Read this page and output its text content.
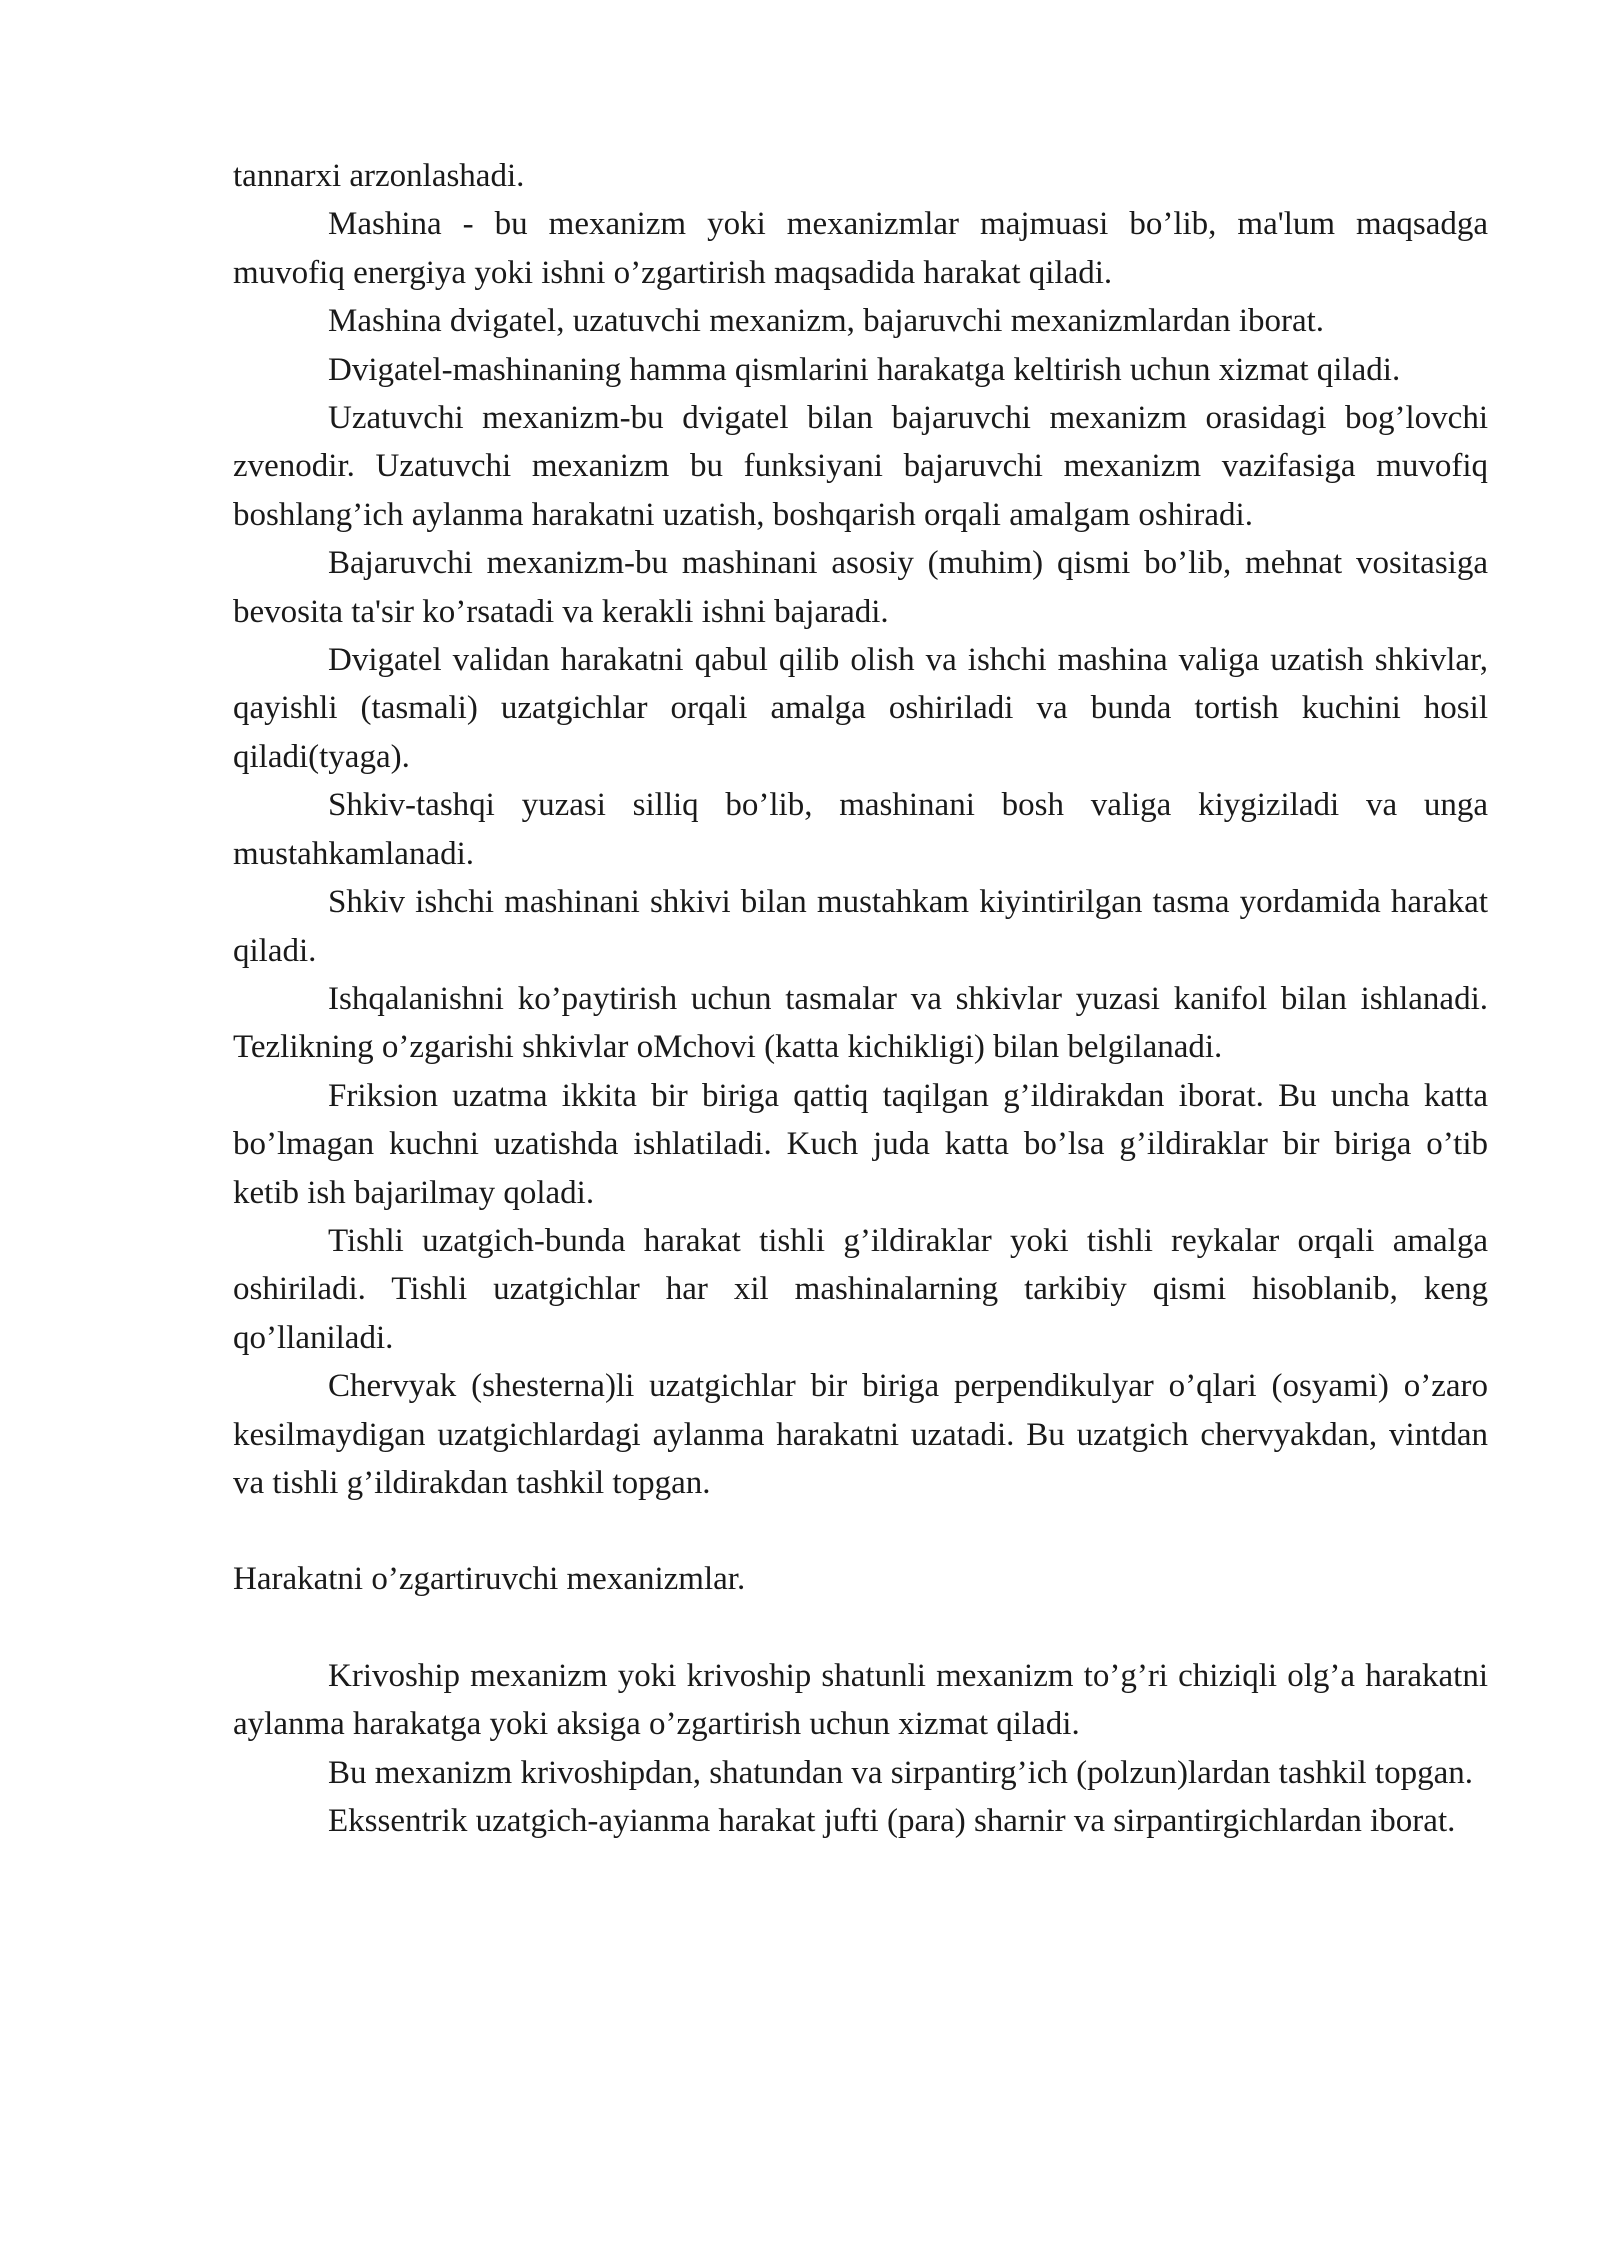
tannarxi arzonlashadi.

Mashina - bu mexanizm yoki mexanizmlar majmuasi bo’lib, ma'lum maqsadga muvofiq energiya yoki ishni o’zgartirish maqsadida harakat qiladi.

Mashina dvigatel, uzatuvchi mexanizm, bajaruvchi mexanizmlardan iborat.

Dvigatel-mashinaning hamma qismlarini harakatga keltirish uchun xizmat qiladi.

Uzatuvchi mexanizm-bu dvigatel bilan bajaruvchi mexanizm orasidagi bog’lovchi zvenodir. Uzatuvchi mexanizm bu funksiyani bajaruvchi mexanizm vazifasiga muvofiq boshlang’ich aylanma harakatni uzatish, boshqarish orqali amalgam oshiradi.

Bajaruvchi mexanizm-bu mashinani asosiy (muhim) qismi bo’lib, mehnat vositasiga bevosita ta'sir ko’rsatadi va kerakli ishni bajaradi.

Dvigatel validan harakatni qabul qilib olish va ishchi mashina valiga uzatish shkivlar, qayishli (tasmali) uzatgichlar orqali amalga oshiriladi va bunda tortish kuchini hosil qiladi(tyaga).

Shkiv-tashqi yuzasi silliq bo’lib, mashinani bosh valiga kiygiziladi va unga mustahkamlanadi.

Shkiv ishchi mashinani shkivi bilan mustahkam kiyintirilgan tasma yordamida harakat qiladi.

Ishqalanishni ko’paytirish uchun tasmalar va shkivlar yuzasi kanifol bilan ishlanadi. Tezlikning o’zgarishi shkivlar oMchovi (katta kichikligi) bilan belgilanadi.

Friksion uzatma ikkita bir biriga qattiq taqilgan g’ildirakdan iborat. Bu uncha katta bo’lmagan kuchni uzatishda ishlatiladi. Kuch juda katta bo’lsa g’ildiraklar bir biriga o’tib ketib ish bajarilmay qoladi.

Tishli uzatgich-bunda harakat tishli g’ildiraklar yoki tishli reykalar orqali amalga oshiriladi. Tishli uzatgichlar har xil mashinalarning tarkibiy qismi hisoblanib, keng qo’llaniladi.

Chervyak (shesterna)li uzatgichlar bir biriga perpendikulyar o’qlari (osyami) o’zaro kesilmaydigan uzatgichlardagi aylanma harakatni uzatadi. Bu uzatgich chervyakdan, vintdan va tishli g’ildirakdan tashkil topgan.

Harakatni o’zgartiruvchi mexanizmlar.

Krivoship mexanizm yoki krivoship shatunli mexanizm to’g’ri chiziqli olg’a harakatni aylanma harakatga yoki aksiga o’zgartirish uchun xizmat qiladi.

Bu mexanizm krivoshipdan, shatundan va sirpantirg’ich (polzun)lardan tashkil topgan.

Ekssentrik uzatgich-ayianma harakat jufti (para) sharnir va sirpantirgichlardan iborat.
